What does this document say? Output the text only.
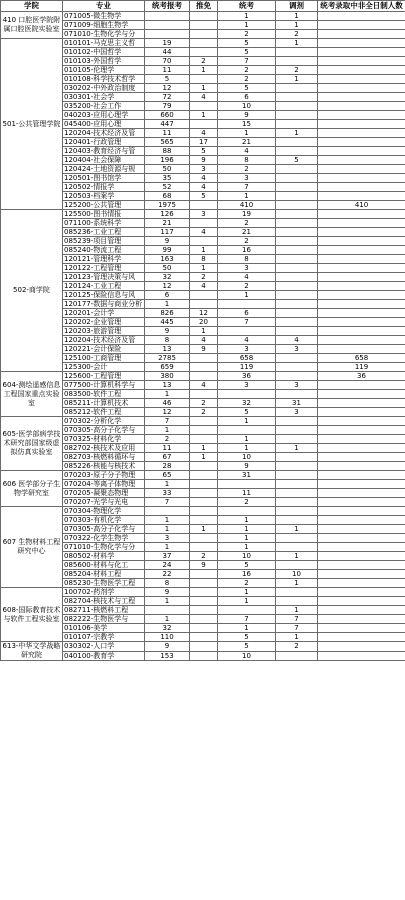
学院	专业	统考报考	推免	统考	调剂	统考录取中非全日制人数
410 口腔医学院附属口腔医院实验室	071005-微生物学			1	1	
	071009-细胞生物学			1	1	
	071010-生物化学与分			2	2	
501-公共管理学院	010101-马克思主义哲	19		5	1	
	010102-中国哲学	44		5		
	010103-外国哲学	70	2	7		
	010105-伦理学	11	1	2	2	
	010108-科学技术哲学	5		2	1	
	030202-中外政治制度	12	1	5		
	030301-社会学	72	4	6		
	035200-社会工作	79		10		
	040203-应用心理学	660	1	9		
	045400-应用心理	447		15		
	120204-技术经济及管	11	4	1	1	
	120401-行政管理	565	17	21		
	120403-教育经济与管	88	5	4		
	120404-社会保障	196	9	8	5	
	120424-土地资源与规	50	3	2		
	120501-图书馆学	35	4	3		
	120502-情报学	52	4	7		
	120503-档案学	68	5	1		
	125200-公共管理	1975		410		410
502-商学院	125500-图书情报	126	3	19		
	071100-系统科学	21		2		
	085236-工业工程	117	4	21		
	085239-项目管理	9		2		
	085240-物流工程	99	1	16		
	120121-管理科学	163	8	8		
	120122-工程管理	50	1	3		
	120123-管理决策与风	32	2	4		
	120124-工业工程	12	4	2		
	120125-保险信息与风	6		1		
	120177-数据与商业分析	1				
	120201-会计学	826	12	6		
	120202-企业管理	445	20	7		
	120203-旅游管理	9	1			
	120204-技术经济及管	8	4	4	4	
	120221-会计保险	13	9	3	3	
	125100-工商管理	2785		658		658
	125300-会计	659		119		119
604-测绘遥感信息工程国家重点实验室	125600-工程管理	380		36		36
	077500-计算机科学与	13	4	3	3	
	083500-软件工程	1				
	085211-计算机技术	46	2	32	31	
	085212-软件工程	12	2	5	3	
605-医学部病学技术研究部国家级虚拟仿真实验室	070302-分析化学	7		1		
	070305-高分子化学与	1				
	070325-材料化学	2		1		
	082702-核技术及应用	11	1	1	1	
	082703-核燃料循环与	67	1	10		
	085226-核能与核技术	28		9		
606 医学部分子生物学研究室	070203-原子分子物理	65		31		
	070204-等离子体物理	1				
	070205-凝聚态物理	33		11		
	070207-光学与光电	7		2		
607 生物材料工程研究中心	070304-物理化学					
	070303-有机化学	1		1		
	070305-高分子化学与	1	1	1	1	
	070322-化学生物学	3		1		
	071010-生物化学与分	1		1		
	080502-材料学	37	2	10	1	
	085600-材料与化工	24	9	5		
	085204-材料工程	22		16	10	
	085230-生物医学工程	8		2	1	
608-国际教育技术与软件工程实验室	100702-药剂学	9		1		
	082704-核技术与工程	1		1		
	082711-核燃料工程				1	
	082222-生物医学与	1		7	7	
	010106-美学	32		1	7	
	010107-宗教学	110		5	1	
613-中华文学战略研究院	030302-人口学	9		5	2	
	040100-教育学	153		10		
